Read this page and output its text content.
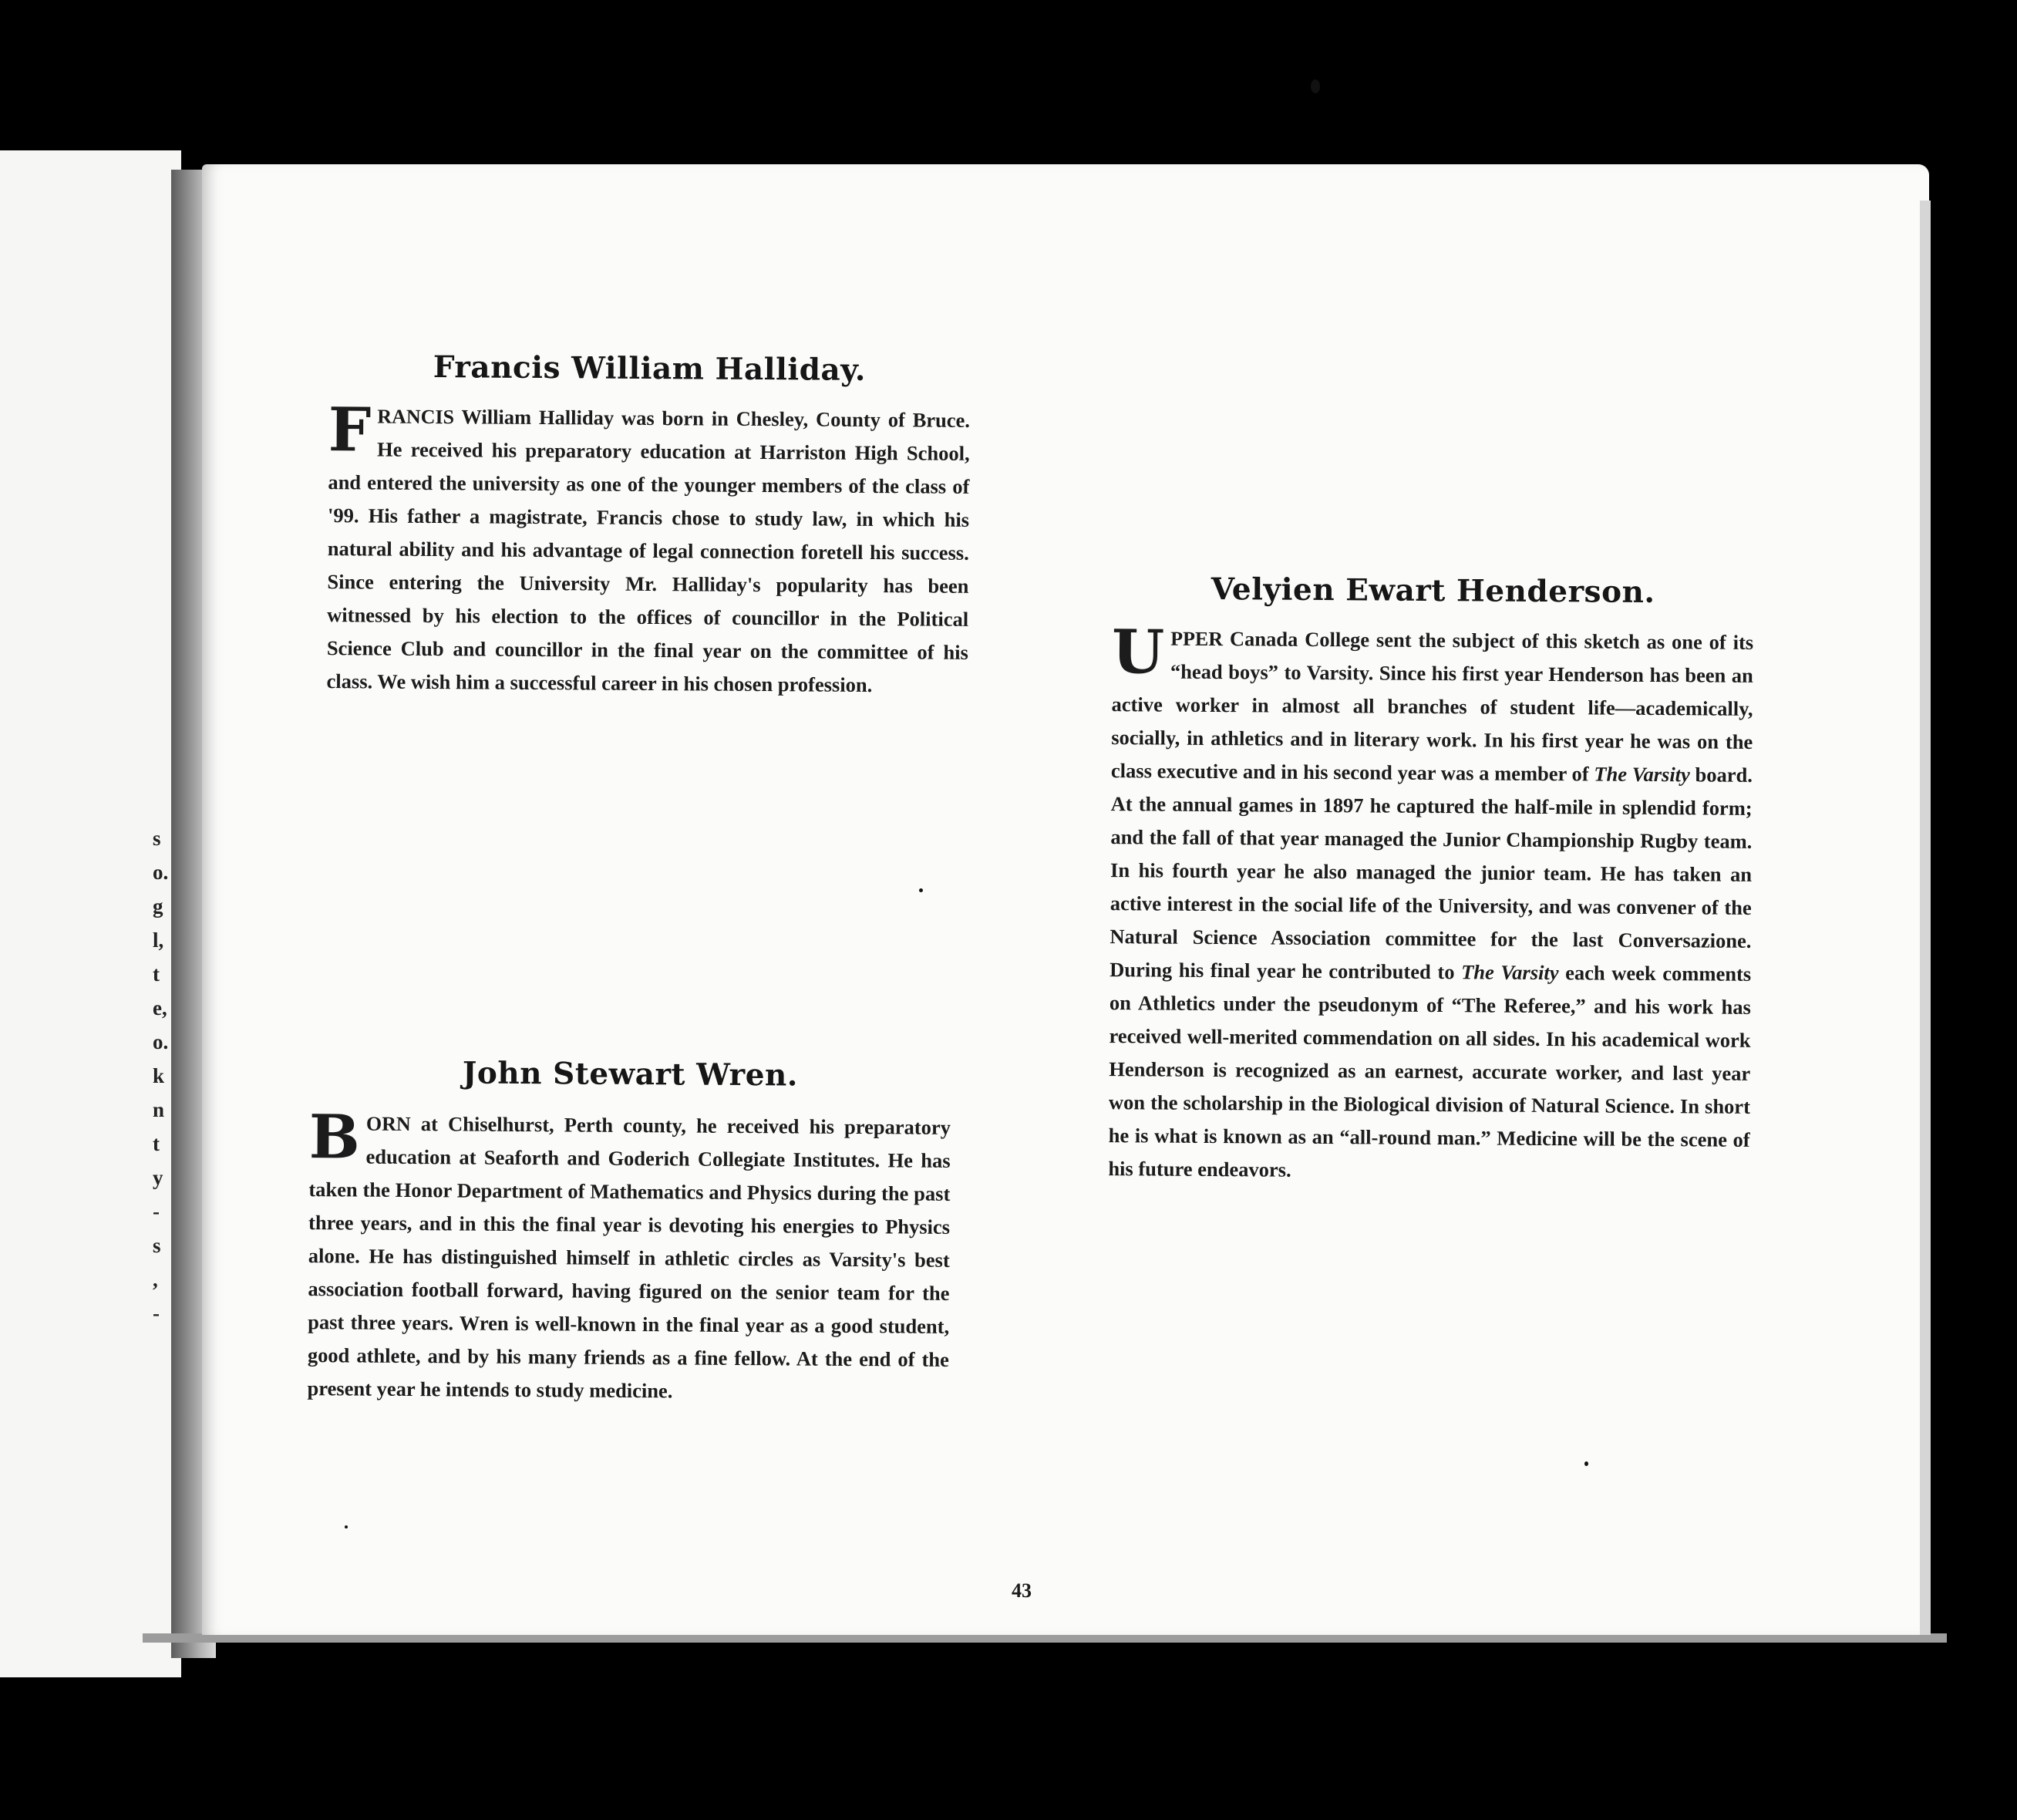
s
o.
g
l,
t
e,
o.
k
n
t
y
-
s
,
-
Francis William Halliday.

FRANCIS William Halliday was born in Chesley, County of Bruce. He received his preparatory education at Harriston High School, and entered the university as one of the younger members of the class of '99. His father a magistrate, Francis chose to study law, in which his natural ability and his advantage of legal connection foretell his success. Since entering the University Mr. Halliday's popularity has been witnessed by his election to the offices of councillor in the Political Science Club and councillor in the final year on the committee of his class. We wish him a successful career in his chosen profession.

John Stewart Wren.

BORN at Chiselhurst, Perth county, he received his preparatory education at Seaforth and Goderich Collegiate Institutes. He has taken the Honor Department of Mathematics and Physics during the past three years, and in this the final year is devoting his energies to Physics alone. He has distinguished himself in athletic circles as Varsity's best association football forward, having figured on the senior team for the past three years. Wren is well-known in the final year as a good student, good athlete, and by his many friends as a fine fellow. At the end of the present year he intends to study medicine.

Velyien Ewart Henderson.

UPPER Canada College sent the subject of this sketch as one of its “head boys” to Varsity. Since his first year Henderson has been an active worker in almost all branches of student life—academically, socially, in athletics and in literary work. In his first year he was on the class executive and in his second year was a member of The Varsity board. At the annual games in 1897 he captured the half-mile in splendid form; and the fall of that year managed the Junior Championship Rugby team. In his fourth year he also managed the junior team. He has taken an active interest in the social life of the University, and was convener of the Natural Science Association committee for the last Conversazione. During his final year he contributed to The Varsity each week comments on Athletics under the pseudonym of “The Referee,” and his work has received well-merited commendation on all sides. In his academical work Henderson is recognized as an earnest, accurate worker, and last year won the scholarship in the Biological division of Natural Science. In short he is what is known as an “all-round man.” Medicine will be the scene of his future endeavors.

43
